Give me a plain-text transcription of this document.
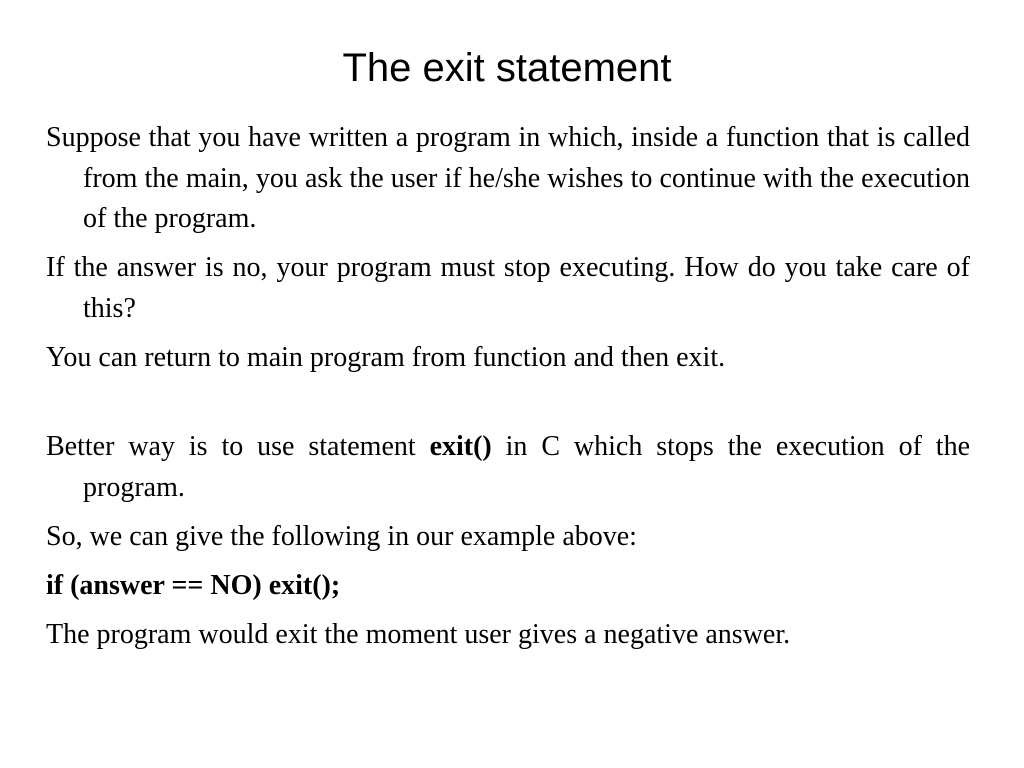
The exit statement

Suppose that you have written a program in which, inside a function that is called from the main, you ask the user if he/she wishes to continue with the execution of the program.

If the answer is no, your program must stop executing. How do you take care of this?

You can return to main program from function and then exit.

Better way is to use statement exit() in C which stops the execution of the program.

So, we can give the following in our example above:

if (answer == NO) exit();

The program would exit the moment user gives a negative answer.
